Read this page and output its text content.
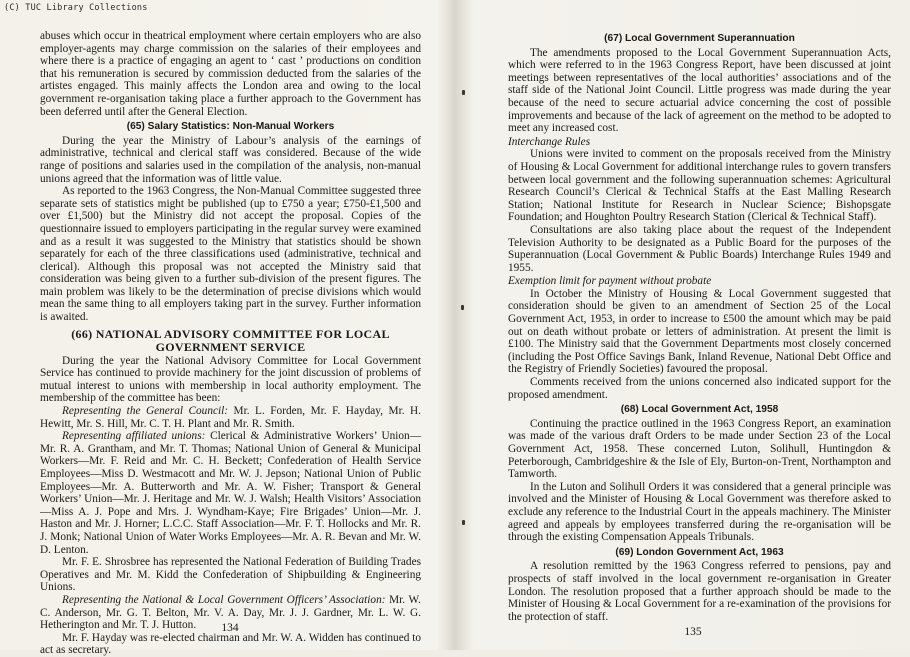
(C) TUC Library Collections

abuses which occur in theatrical employment where certain employers who are also employer-agents may charge commission on the salaries of their employees and where there is a practice of engaging an agent to ‘ cast ’ productions on condition that his remuneration is secured by commission deducted from the salaries of the artistes engaged. This mainly affects the London area and owing to the local government re-organisation taking place a further approach to the Government has been deferred until after the General Election.

(65) Salary Statistics: Non-Manual Workers

During the year the Ministry of Labour’s analysis of the earnings of administrative, technical and clerical staff was considered. Because of the wide range of positions and salaries used in the compilation of the analysis, non-manual unions agreed that the information was of little value.

As reported to the 1963 Congress, the Non-Manual Committee suggested three separate sets of statistics might be published (up to £750 a year; £750-£1,500 and over £1,500) but the Ministry did not accept the proposal. Copies of the questionnaire issued to employers participating in the regular survey were examined and as a result it was suggested to the Ministry that statistics should be shown separately for each of the three classifications used (administrative, technical and clerical). Although this proposal was not accepted the Ministry said that consideration was being given to a further sub-division of the present figures. The main problem was likely to be the determination of precise divisions which would mean the same thing to all employers taking part in the survey. Further information is awaited.

(66) NATIONAL ADVISORY COMMITTEE FOR LOCAL GOVERNMENT SERVICE

During the year the National Advisory Committee for Local Government Service has continued to provide machinery for the joint discussion of problems of mutual interest to unions with membership in local authority employment. The membership of the committee has been:

Representing the General Council: Mr. L. Forden, Mr. F. Hayday, Mr. H. Hewitt, Mr. S. Hill, Mr. C. T. H. Plant and Mr. R. Smith.

Representing affiliated unions: Clerical & Administrative Workers’ Union—Mr. R. A. Grantham, and Mr. T. Thomas; National Union of General & Municipal Workers—Mr. F. Reid and Mr. C. H. Beckett; Confederation of Health Service Employees—Miss D. Westmacott and Mr. W. J. Jepson; National Union of Public Employees—Mr. A. Butterworth and Mr. A. W. Fisher; Transport & General Workers’ Union—Mr. J. Heritage and Mr. W. J. Walsh; Health Visitors’ Association—Miss A. J. Pope and Mrs. J. Wyndham-Kaye; Fire Brigades’ Union—Mr. J. Haston and Mr. J. Horner; L.C.C. Staff Association—Mr. F. T. Hollocks and Mr. R. J. Monk; National Union of Water Works Employees—Mr. A. R. Bevan and Mr. W. D. Lenton.

Mr. F. E. Shrosbree has represented the National Federation of Building Trades Operatives and Mr. M. Kidd the Confederation of Shipbuilding & Engineering Unions.

Representing the National & Local Government Officers’ Association: Mr. W. C. Anderson, Mr. G. T. Belton, Mr. V. A. Day, Mr. J. J. Gardner, Mr. L. W. G. Hetherington and Mr. T. J. Hutton.

Mr. F. Hayday was re-elected chairman and Mr. W. A. Widden has continued to act as secretary.

134
(67) Local Government Superannuation

The amendments proposed to the Local Government Superannuation Acts, which were referred to in the 1963 Congress Report, have been discussed at joint meetings between representatives of the local authorities’ associations and of the staff side of the National Joint Council. Little progress was made during the year because of the need to secure actuarial advice concerning the cost of possible improvements and because of the lack of agreement on the method to be adopted to meet any increased cost.

Interchange Rules

Unions were invited to comment on the proposals received from the Ministry of Housing & Local Government for additional interchange rules to govern transfers between local government and the following superannuation schemes: Agricultural Research Council’s Clerical & Technical Staffs at the East Malling Research Station; National Institute for Research in Nuclear Science; Bishopsgate Foundation; and Houghton Poultry Research Station (Clerical & Technical Staff).

Consultations are also taking place about the request of the Independent Television Authority to be designated as a Public Board for the purposes of the Superannuation (Local Government & Public Boards) Interchange Rules 1949 and 1955.

Exemption limit for payment without probate

In October the Ministry of Housing & Local Government suggested that consideration should be given to an amendment of Section 25 of the Local Government Act, 1953, in order to increase to £500 the amount which may be paid out on death without probate or letters of administration. At present the limit is £100. The Ministry said that the Government Departments most closely concerned (including the Post Office Savings Bank, Inland Revenue, National Debt Office and the Registry of Friendly Societies) favoured the proposal.

Comments received from the unions concerned also indicated support for the proposed amendment.

(68) Local Government Act, 1958

Continuing the practice outlined in the 1963 Congress Report, an examination was made of the various draft Orders to be made under Section 23 of the Local Government Act, 1958. These concerned Luton, Solihull, Huntingdon & Peterborough, Cambridgeshire & the Isle of Ely, Burton-on-Trent, Northampton and Tamworth.

In the Luton and Solihull Orders it was considered that a general principle was involved and the Minister of Housing & Local Government was therefore asked to exclude any reference to the Industrial Court in the appeals machinery. The Minister agreed and appeals by employees transferred during the re-organisation will be through the existing Compensation Appeals Tribunals.

(69) London Government Act, 1963

A resolution remitted by the 1963 Congress referred to pensions, pay and prospects of staff involved in the local government re-organisation in Greater London. The resolution proposed that a further approach should be made to the Minister of Housing & Local Government for a re-examination of the provisions for the protection of staff.

135
